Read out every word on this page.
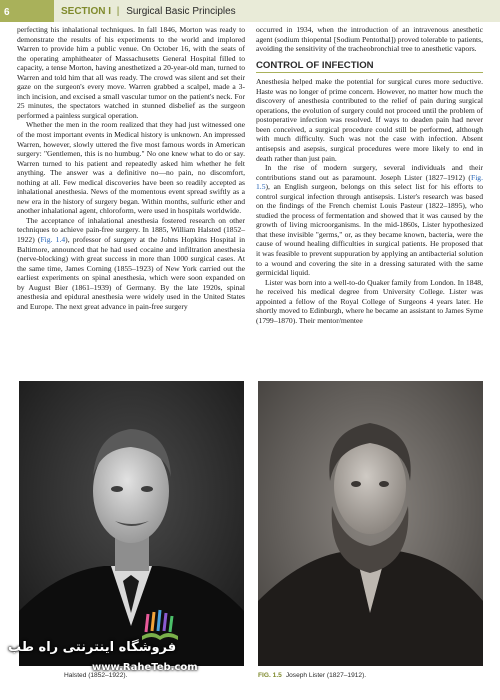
6	SECTION I | Surgical Basic Principles

perfecting his inhalational techniques. In fall 1846, Morton was ready to demonstrate the results of his experiments to the world and implored Warren to provide him a public venue. On October 16, with the seats of the operating amphitheater of Massachusetts General Hospital filled to capacity, a tense Morton, having anesthetized a 20-year-old man, turned to Warren and told him that all was ready. The crowd was silent and set their gaze on the surgeon's every move. Warren grabbed a scalpel, made a 3-inch incision, and excised a small vascular tumor on the patient's neck. For 25 minutes, the spectators watched in stunned disbelief as the surgeon performed a painless surgical operation.

Whether the men in the room realized that they had just witnessed one of the most important events in Medical history is unknown. An impressed Warren, however, slowly uttered the five most famous words in American surgery: "Gentlemen, this is no humbug." No one knew what to do or say. Warren turned to his patient and repeatedly asked him whether he felt anything. The answer was a definitive no—no pain, no discomfort, nothing at all. Few medical discoveries have been so readily accepted as inhalational anesthesia. News of the momentous event spread swiftly as a new era in the history of surgery began. Within months, sulfuric ether and another inhalational agent, chloroform, were used in hospitals worldwide.

The acceptance of inhalational anesthesia fostered research on other techniques to achieve pain-free surgery. In 1885, William Halsted (1852–1922) (Fig. 1.4), professor of surgery at the Johns Hopkins Hospital in Baltimore, announced that he had used cocaine and infiltration anesthesia (nerve-blocking) with great success in more than 1000 surgical cases. At the same time, James Corning (1855–1923) of New York carried out the earliest experiments on spinal anesthesia, which were soon expanded on by August Bier (1861–1939) of Germany. By the late 1920s, spinal anesthesia and epidural anesthesia were widely used in the United States and Europe. The next great advance in pain-free surgery

occurred in 1934, when the introduction of an intravenous anesthetic agent (sodium thiopental [Sodium Pentothal]) proved tolerable to patients, avoiding the sensitivity of the tracheobronchial tree to anesthetic vapors.

CONTROL OF INFECTION

Anesthesia helped make the potential for surgical cures more seductive. Haste was no longer of prime concern. However, no matter how much the discovery of anesthesia contributed to the relief of pain during surgical operations, the evolution of surgery could not proceed until the problem of postoperative infection was resolved. If ways to deaden pain had never been conceived, a surgical procedure could still be performed, although with much difficulty. Such was not the case with infection. Absent antisepsis and asepsis, surgical procedures were more likely to end in death rather than just pain.

In the rise of modern surgery, several individuals and their contributions stand out as paramount. Joseph Lister (1827–1912) (Fig. 1.5), an English surgeon, belongs on this select list for his efforts to control surgical infection through antisepsis. Lister's research was based on the findings of the French chemist Louis Pasteur (1822–1895), who studied the process of fermentation and showed that it was caused by the growth of living microorganisms. In the mid-1860s, Lister hypothesized that these invisible "germs," or, as they became known, bacteria, were the cause of wound healing difficulties in surgical patients. He proposed that it was feasible to prevent suppuration by applying an antibacterial solution to a wound and covering the site in a dressing saturated with the same germicidal liquid.

Lister was born into a well-to-do Quaker family from London. In 1848, he received his medical degree from University College. Lister was appointed a fellow of the Royal College of Surgeons 4 years later. He shortly moved to Edinburgh, where he became an assistant to James Syme (1799–1870). Their mentor/mentee

فروشگاه اینترنتی راه طب
www.RaheTeb.com
Halsted (1852–1922).	FIG. 1.5 Joseph Lister (1827–1912).
